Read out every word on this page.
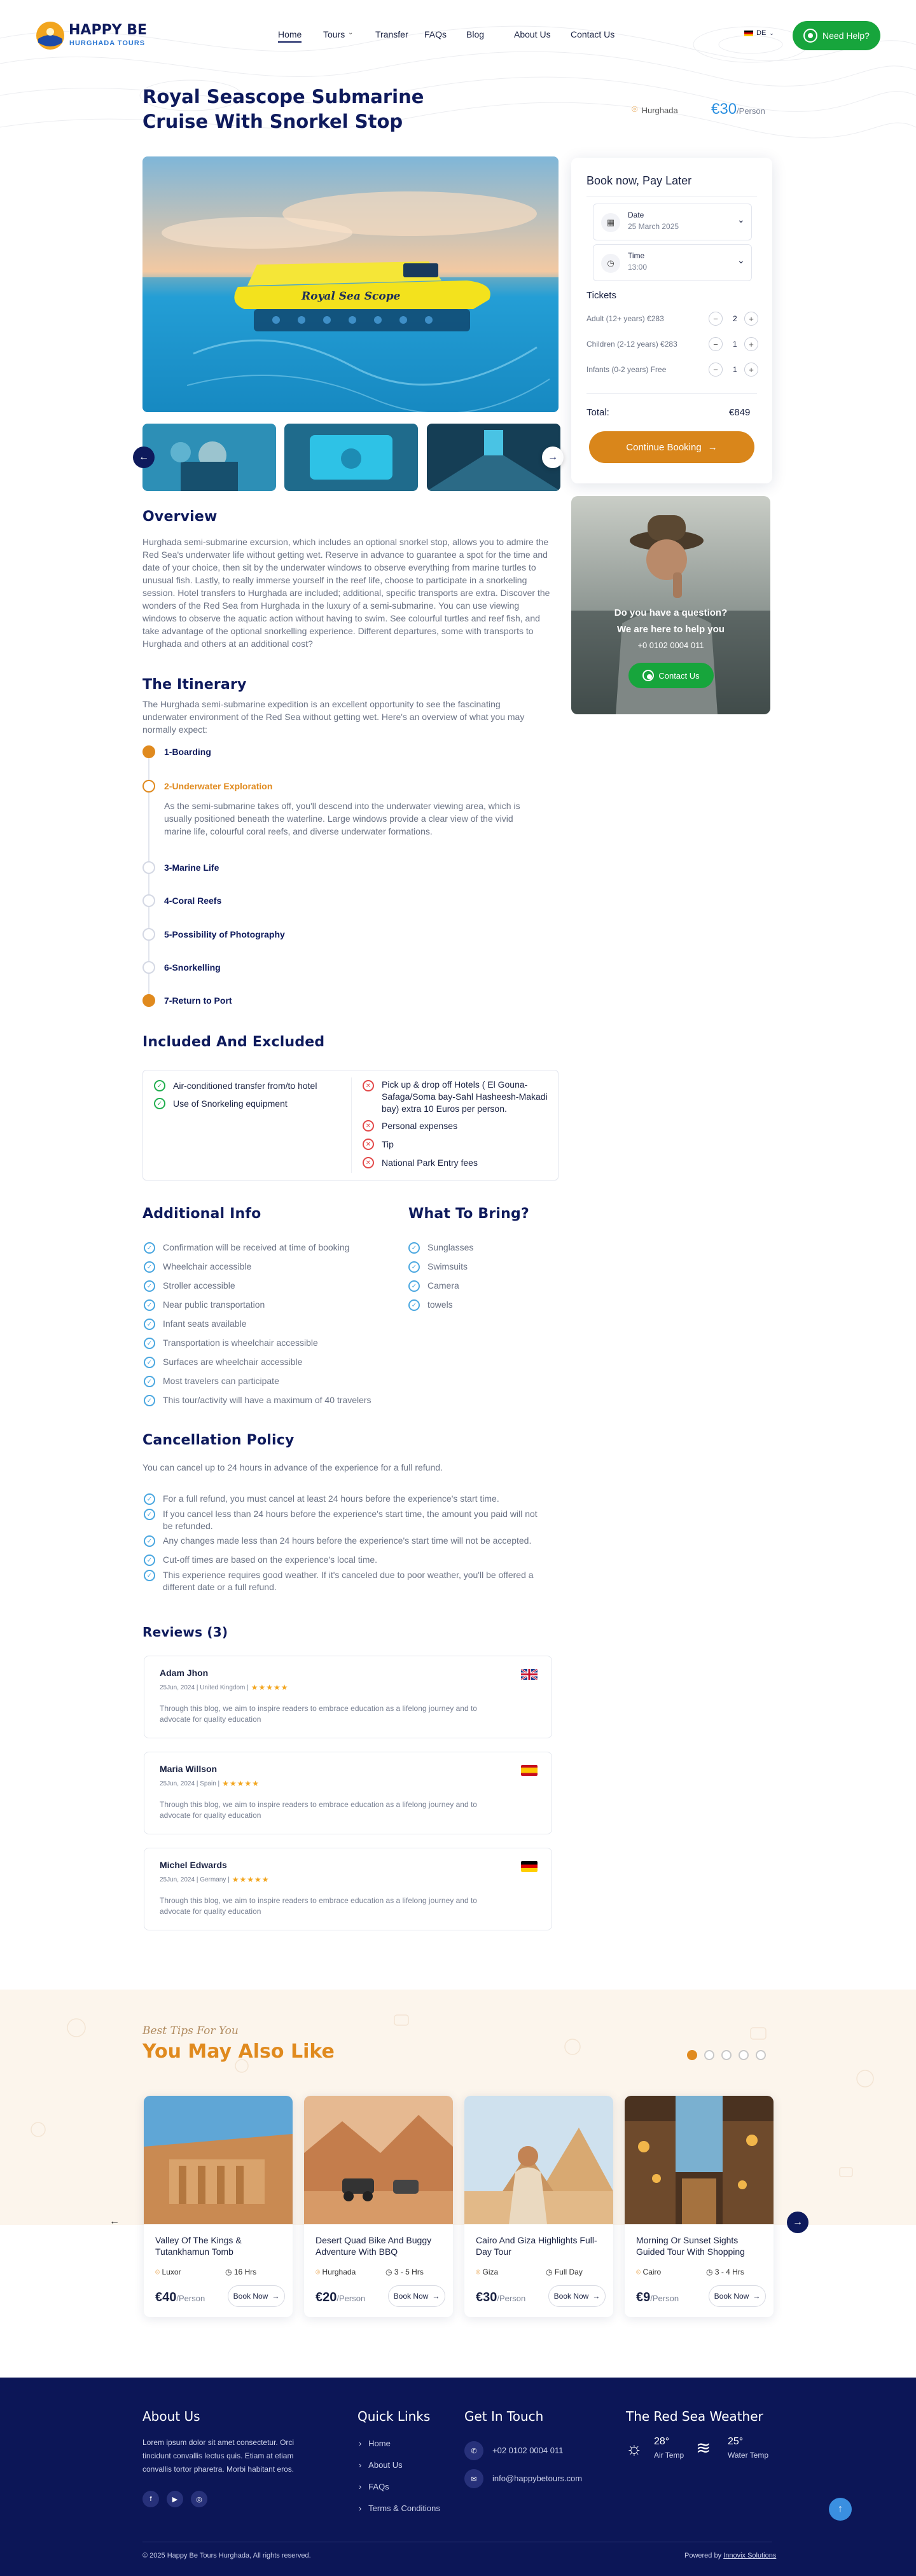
HAPPY BE
HURGHADA TOURS
Home Tours ⌄ Transfer FAQs Blog	About Us Contact Us	DE ⌄	Need Help?
Royal Seascope Submarine
Cruise With Snorkel Stop
⌾ Hurghada €30/Person
Royal Sea Scope
←	→
Book now, Pay Later
▦
Date
25 March 2025
⌄
◷
Time
13:00
⌄
Tickets
Adult (12+ years) €283	−	2	+
Children (2-12 years) €283	−	1	+
Infants (0-2 years) Free	−	1	+
Total:	€849
Continue Booking →
Do you have a question?
We are here to help you
+0 0102 0004 011
Contact Us
Overview
Hurghada semi-submarine excursion, which includes an optional snorkel stop, allows you to admire the Red Sea's underwater life without getting wet. Reserve in advance to guarantee a spot for the time and date of your choice, then sit by the underwater windows to observe everything from marine turtles to unusual fish. Lastly, to really immerse yourself in the reef life, choose to participate in a snorkeling session. Hotel transfers to Hurghada are included; additional, specific transports are extra. Discover the wonders of the Red Sea from Hurghada in the luxury of a semi-submarine. You can use viewing windows to observe the aquatic action without having to swim. See colourful turtles and reef fish, and take advantage of the optional snorkelling experience. Different departures, some with transports to Hurghada and others at an additional cost?
The Itinerary
The Hurghada semi-submarine expedition is an excellent opportunity to see the fascinating underwater environment of the Red Sea without getting wet. Here's an overview of what you may normally expect:
1-Boarding
2-Underwater Exploration
As the semi-submarine takes off, you'll descend into the underwater viewing area, which is usually positioned beneath the waterline. Large windows provide a clear view of the vivid marine life, colourful coral reefs, and diverse underwater formations.
3-Marine Life
4-Coral Reefs
5-Possibility of Photography
6-Snorkelling
7-Return to Port
Included And Excluded
✓	Air-conditioned transfer from/to hotel
✓	Use of Snorkeling equipment
✕	Pick up & drop off Hotels ( El Gouna-Safaga/Soma bay-Sahl Hasheesh-Makadi bay) extra 10 Euros per person.
✕	Personal expenses
✕	Tip
✕	National Park Entry fees
Additional Info
✓	Confirmation will be received at time of booking
✓	Wheelchair accessible
✓	Stroller accessible
✓	Near public transportation
✓	Infant seats available
✓	Transportation is wheelchair accessible
✓	Surfaces are wheelchair accessible
✓	Most travelers can participate
✓	This tour/activity will have a maximum of 40 travelers
What To Bring?
✓	Sunglasses
✓	Swimsuits
✓	Camera
✓	towels
Cancellation Policy
You can cancel up to 24 hours in advance of the experience for a full refund.
✓	For a full refund, you must cancel at least 24 hours before the experience's start time.
✓	If you cancel less than 24 hours before the experience's start time, the amount you paid will not be refunded.
✓	Any changes made less than 24 hours before the experience's start time will not be accepted.
✓	Cut-off times are based on the experience's local time.
✓	This experience requires good weather. If it's canceled due to poor weather, you'll be offered a different date or a full refund.
Reviews (3)
Adam Jhon
25Jun, 2024 | United Kingdom | ★★★★★
Through this blog, we aim to inspire readers to embrace education as a lifelong journey and to advocate for quality education
Maria Willson
25Jun, 2024 | Spain | ★★★★★
Through this blog, we aim to inspire readers to embrace education as a lifelong journey and to advocate for quality education
Michel Edwards
25Jun, 2024 | Germany | ★★★★★
Through this blog, we aim to inspire readers to embrace education as a lifelong journey and to advocate for quality education
Best Tips For You
You May Also Like
←	→
Valley Of The Kings & Tutankhamun Tomb
⌾ Luxor	◷ 16 Hrs
€40/Person	Book Now →
Desert Quad Bike And Buggy Adventure With BBQ
⌾ Hurghada	◷ 3 - 5 Hrs
€20/Person	Book Now →
Cairo And Giza Highlights Full-Day Tour
⌾ Giza	◷ Full Day
€30/Person	Book Now →
Morning Or Sunset Sights Guided Tour With Shopping
⌾ Cairo	◷ 3 - 4 Hrs
€9/Person	Book Now →
About Us
Lorem ipsum dolor sit amet consectetur. Orci tincidunt convallis lectus quis. Etiam at etiam convallis tortor pharetra. Morbi habitant eros.
f	▶	◎
Quick Links
›   Home
›   About Us
›   FAQs
›   Terms & Conditions
Get In Touch
✆	+02 0102 0004 011
✉	info@happybetours.com
The Red Sea Weather
☼ 28°
Air Temp ≋ 25°
Water Temp
↑
© 2025 Happy Be Tours Hurghada, All rights reserved.	Powered by Innovix Solutions
